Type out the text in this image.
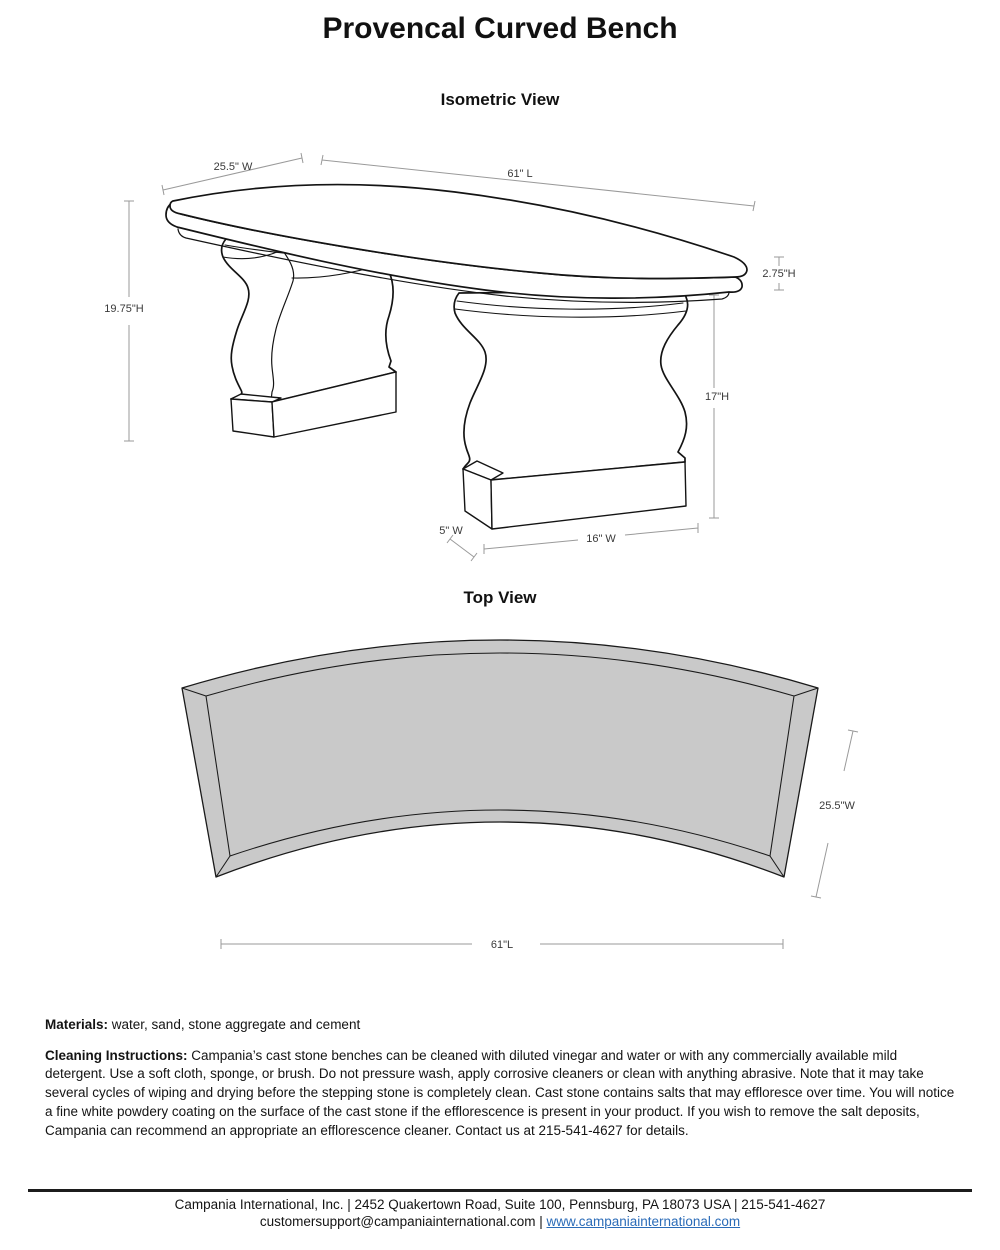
Provencal Curved Bench
Isometric View
25.5" W
61" L
19.75"H
2.75"H
17"H
5" W
16" W
Top View
25.5"W
61"L

Materials: water, sand, stone aggregate and cement

Cleaning Instructions: Campania’s cast stone benches can be cleaned with diluted vinegar and water or with any commercially available mild detergent. Use a soft cloth, sponge, or brush. Do not pressure wash, apply corrosive cleaners or clean with anything abrasive. Note that it may take several cycles of wiping and drying before the stepping stone is completely clean. Cast stone contains salts that may effloresce over time. You will notice a fine white powdery coating on the surface of the cast stone if the efflorescence is present in your product. If you wish to remove the salt deposits, Campania can recommend an appropriate an efflorescence cleaner. Contact us at 215-541-4627 for details.

Campania International, Inc. | 2452 Quakertown Road, Suite 100, Pennsburg, PA 18073 USA | 215-541-4627
customersupport@campaniainternational.com | www.campaniainternational.com
